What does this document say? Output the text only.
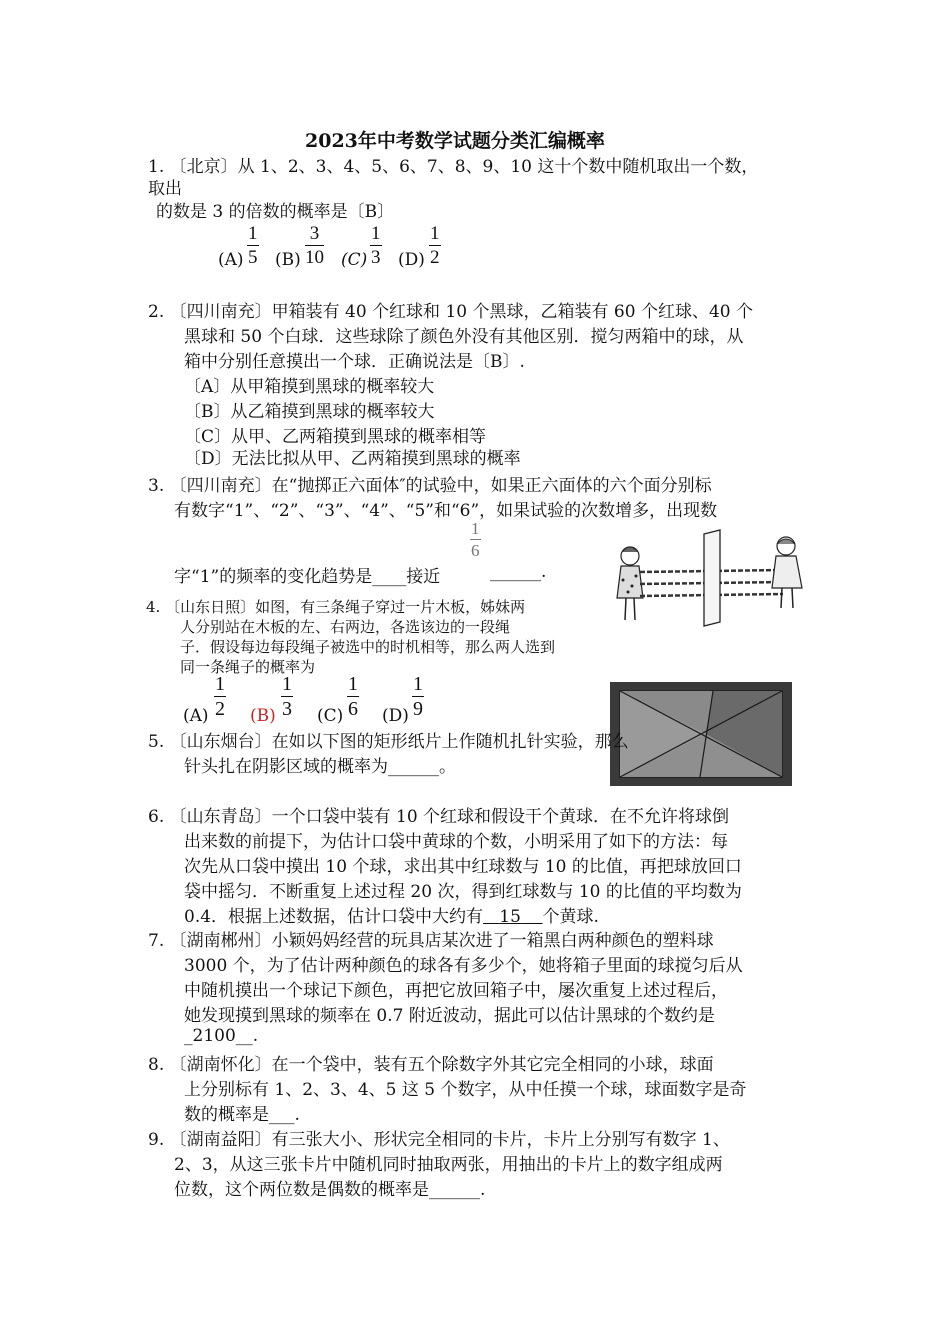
2023年中考数学试题分类汇编概率
1. 〔北京〕从 1、2、3、4、5、6、7、8、9、10 这十个数中随机取出一个数，
取出
的数是 3 的倍数的概率是〔B〕
(A)
1
5 (B)
3
10 (C)
1
3 (D)
1
2
2. 〔四川南充〕甲箱装有 40 个红球和 10 个黑球，乙箱装有 60 个红球、40 个
黑球和 50 个白球．这些球除了颜色外没有其他区别．搅匀两箱中的球，从
箱中分别任意摸出一个球．正确说法是〔B〕.
〔A〕从甲箱摸到黑球的概率较大
〔B〕从乙箱摸到黑球的概率较大
〔C〕从甲、乙两箱摸到黑球的概率相等
〔D〕无法比拟从甲、乙两箱摸到黑球的概率
3. 〔四川南充〕在“抛掷正六面体″的试验中，如果正六面体的六个面分别标
有数字“1”、“2”、“3”、“4”、“5”和“6”，如果试验的次数增多，出现数
字“1”的频率的变化趋势是____接近
1
6
______.
4. 〔山东日照〕如图，有三条绳子穿过一片木板，姊妹两
人分别站在木板的左、右两边，各选该边的一段绳
子．假设每边每段绳子被选中的时机相等，那么两人选到
同一条绳子的概率为
(A)
1
2 (B)
1
3 (C)
1
6 (D)
1
9
5. 〔山东烟台〕在如以下图的矩形纸片上作随机扎针实验，那么
针头扎在阴影区域的概率为______。
6. 〔山东青岛〕一个口袋中装有 10 个红球和假设干个黄球．在不允许将球倒
出来数的前提下，为估计口袋中黄球的个数，小明采用了如下的方法：每
次先从口袋中摸出 10 个球，求出其中红球数与 10 的比值，再把球放回口
袋中摇匀．不断重复上述过程 20 次，得到红球数与 10 的比值的平均数为
0.4．根据上述数据，估计口袋中大约有 15 个黄球.
7. 〔湖南郴州〕小颖妈妈经营的玩具店某次进了一箱黑白两种颜色的塑料球
3000 个，为了估计两种颜色的球各有多少个，她将箱子里面的球搅匀后从
中随机摸出一个球记下颜色，再把它放回箱子中，屡次重复上述过程后，
她发现摸到黑球的频率在 0.7 附近波动，据此可以估计黑球的个数约是
_2100__.
8. 〔湖南怀化〕在一个袋中，装有五个除数字外其它完全相同的小球，球面
上分别标有 1、2、3、4、5 这 5 个数字，从中任摸一个球，球面数字是奇
数的概率是___.
9. 〔湖南益阳〕有三张大小、形状完全相同的卡片，卡片上分别写有数字 1、
2、3，从这三张卡片中随机同时抽取两张，用抽出的卡片上的数字组成两
位数，这个两位数是偶数的概率是______.
